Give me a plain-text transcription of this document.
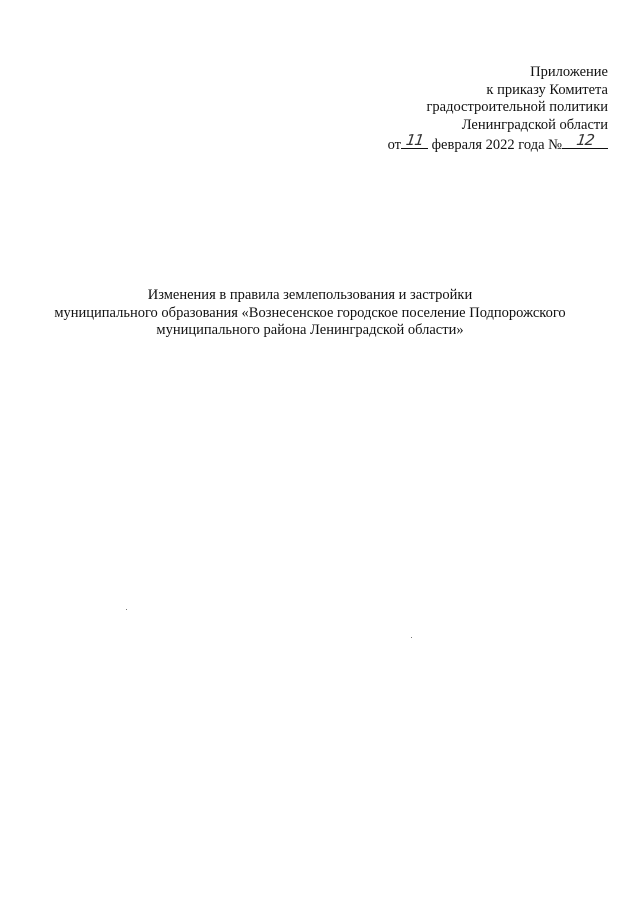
Приложение
к приказу Комитета
градостроительной политики
Ленинградской области
от 11 февраля 2022 года № 12
Изменения в правила землепользования и застройки
муниципального образования «Вознесенское городское поселение Подпорожского
муниципального района Ленинградской области»
